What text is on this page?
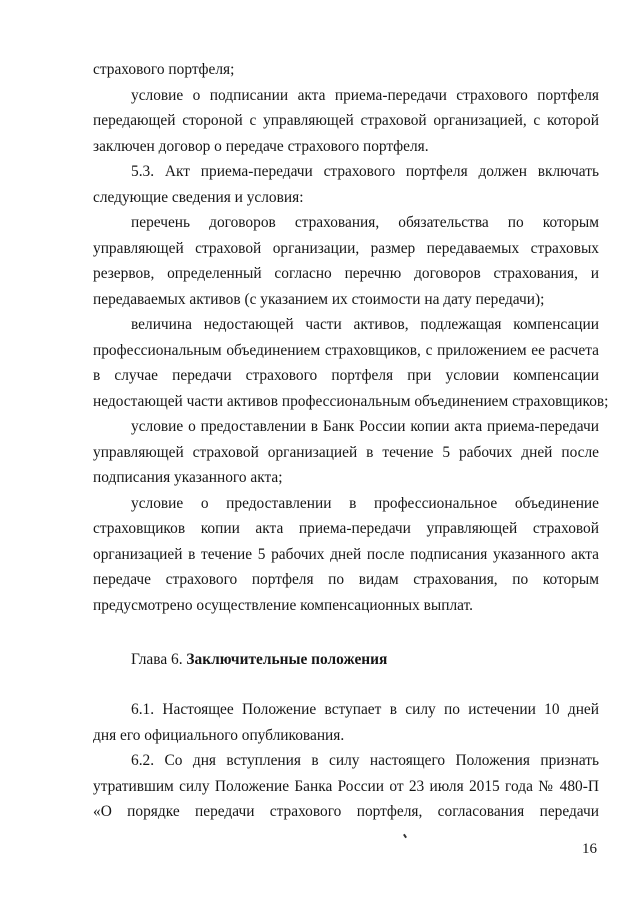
страхового портфеля;
условие о подписании акта приема-передачи страхового портфеля
передающей стороной с управляющей страховой организацией, с которой
заключен договор о передаче страхового портфеля.
5.3. Акт приема-передачи страхового портфеля должен включать
следующие сведения и условия:
перечень договоров страхования, обязательства по которым
управляющей страховой организации, размер передаваемых страховых
резервов, определенный согласно перечню договоров страхования, и
передаваемых активов (с указанием их стоимости на дату передачи);
величина недостающей части активов, подлежащая компенсации
профессиональным объединением страховщиков, с приложением ее расчета
в случае передачи страхового портфеля при условии компенсации
недостающей части активов профессиональным объединением страховщиков;
условие о предоставлении в Банк России копии акта приема-передачи
управляющей страховой организацией в течение 5 рабочих дней после
подписания указанного акта;
условие о предоставлении в профессиональное объединение
страховщиков копии акта приема-передачи управляющей страховой
организацией в течение 5 рабочих дней после подписания указанного акта
передаче страхового портфеля по видам страхования, по которым
предусмотрено осуществление компенсационных выплат.
Глава 6. Заключительные положения
6.1. Настоящее Положение вступает в силу по истечении 10 дней
дня его официального опубликования.
6.2. Со дня вступления в силу настоящего Положения признать
утратившим силу Положение Банка России от 23 июля 2015 года № 480-П
«О порядке передачи страхового портфеля, согласования передачи
16
